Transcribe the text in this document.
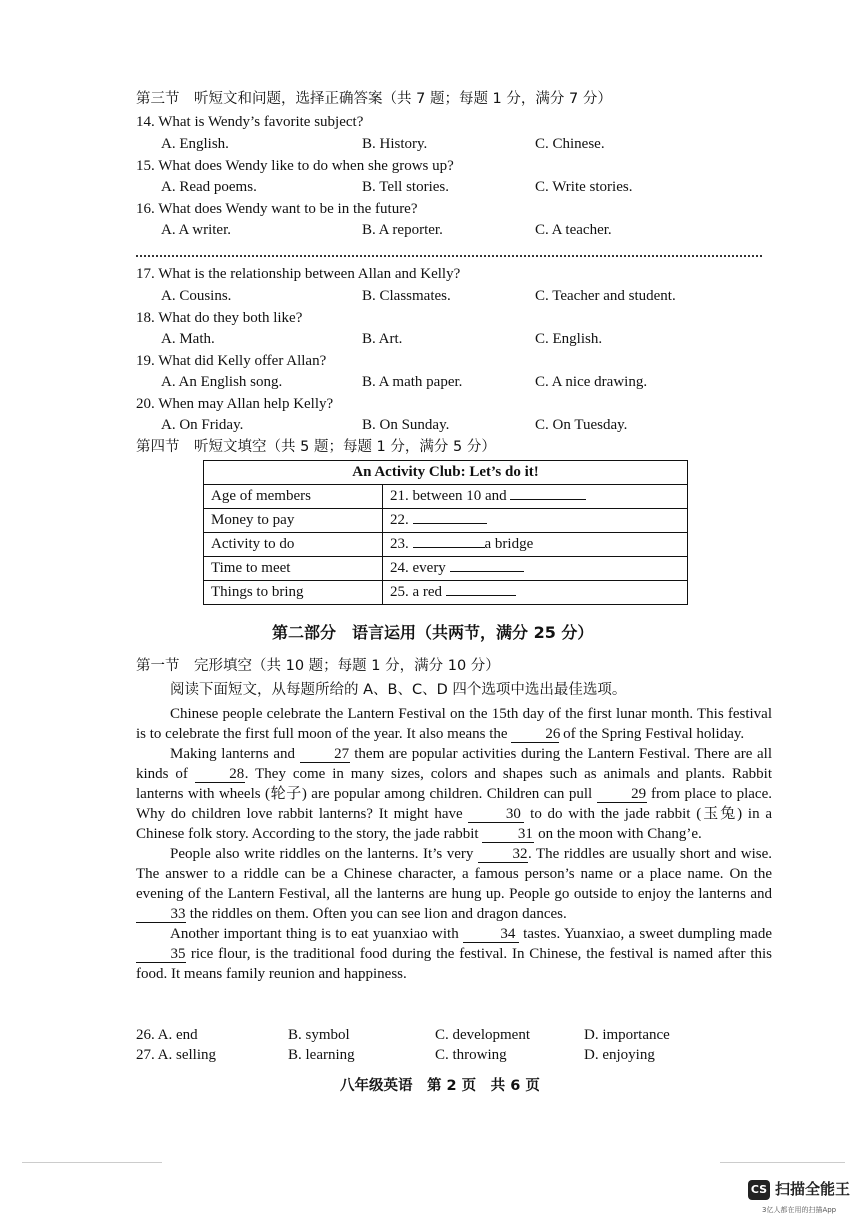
第三节　听短文和问题，选择正确答案（共 7 题；每题 1 分，满分 7 分）
14. What is Wendy’s favorite subject?
A. English.	B. History.	C. Chinese.
15. What does Wendy like to do when she grows up?
A. Read poems.	B. Tell stories.	C. Write stories.
16. What does Wendy want to be in the future?
A. A writer.	B. A reporter.	C. A teacher.
17. What is the relationship between Allan and Kelly?
A. Cousins.	B. Classmates.	C. Teacher and student.
18. What do they both like?
A. Math.	B. Art.	C. English.
19. What did Kelly offer Allan?
A. An English song.	B. A math paper.	C. A nice drawing.
20. When may Allan help Kelly?
A. On Friday.	B. On Sunday.	C. On Tuesday.
第四节　听短文填空（共 5 题；每题 1 分，满分 5 分）
An Activity Club: Let’s do it!	
Age of members	21. between 10 and
Money to pay	22.
Activity to do	23. a bridge
Time to meet	24. every
Things to bring	25. a red
第二部分　语言运用（共两节，满分 25 分）
第一节　完形填空（共 10 题；每题 1 分，满分 10 分）
阅读下面短文，从每题所给的 A、B、C、D 四个选项中选出最佳选项。

Chinese people celebrate the Lantern Festival on the 15th day of the first lunar month. This festival is to celebrate the first full moon of the year. It also means the 26 of the Spring Festival holiday.

Making lanterns and 27 them are popular activities during the Lantern Festival. There are all kinds of 28. They come in many sizes, colors and shapes such as animals and plants. Rabbit lanterns with wheels (轮子) are popular among children. Children can pull 29 from place to place. Why do children love rabbit lanterns? It might have	30 to do with the jade rabbit (玉兔) in a Chinese folk story. According to the story, the jade rabbit 31 on the moon with Chang’e.

People also write riddles on the lanterns. It’s very 32. The riddles are usually short and wise. The answer to a riddle can be a Chinese character, a famous person’s name or a place name. On the evening of the Lantern Festival, all the lanterns are hung up. People go outside to enjoy the lanterns and 33 the riddles on them. Often you can see lion and dragon dances.

Another important thing is to eat yuanxiao with	34 tastes. Yuanxiao, a sweet dumpling made 35 rice flour, is the traditional food during the festival. In Chinese, the festival is named after this food. It means family reunion and happiness.

26. A. end	B. symbol	C. development	D. importance
27. A. selling	B. learning	C. throwing	D. enjoying
八年级英语　第 2 页　共 6 页
CS 扫描全能王
3亿人都在用的扫描App
